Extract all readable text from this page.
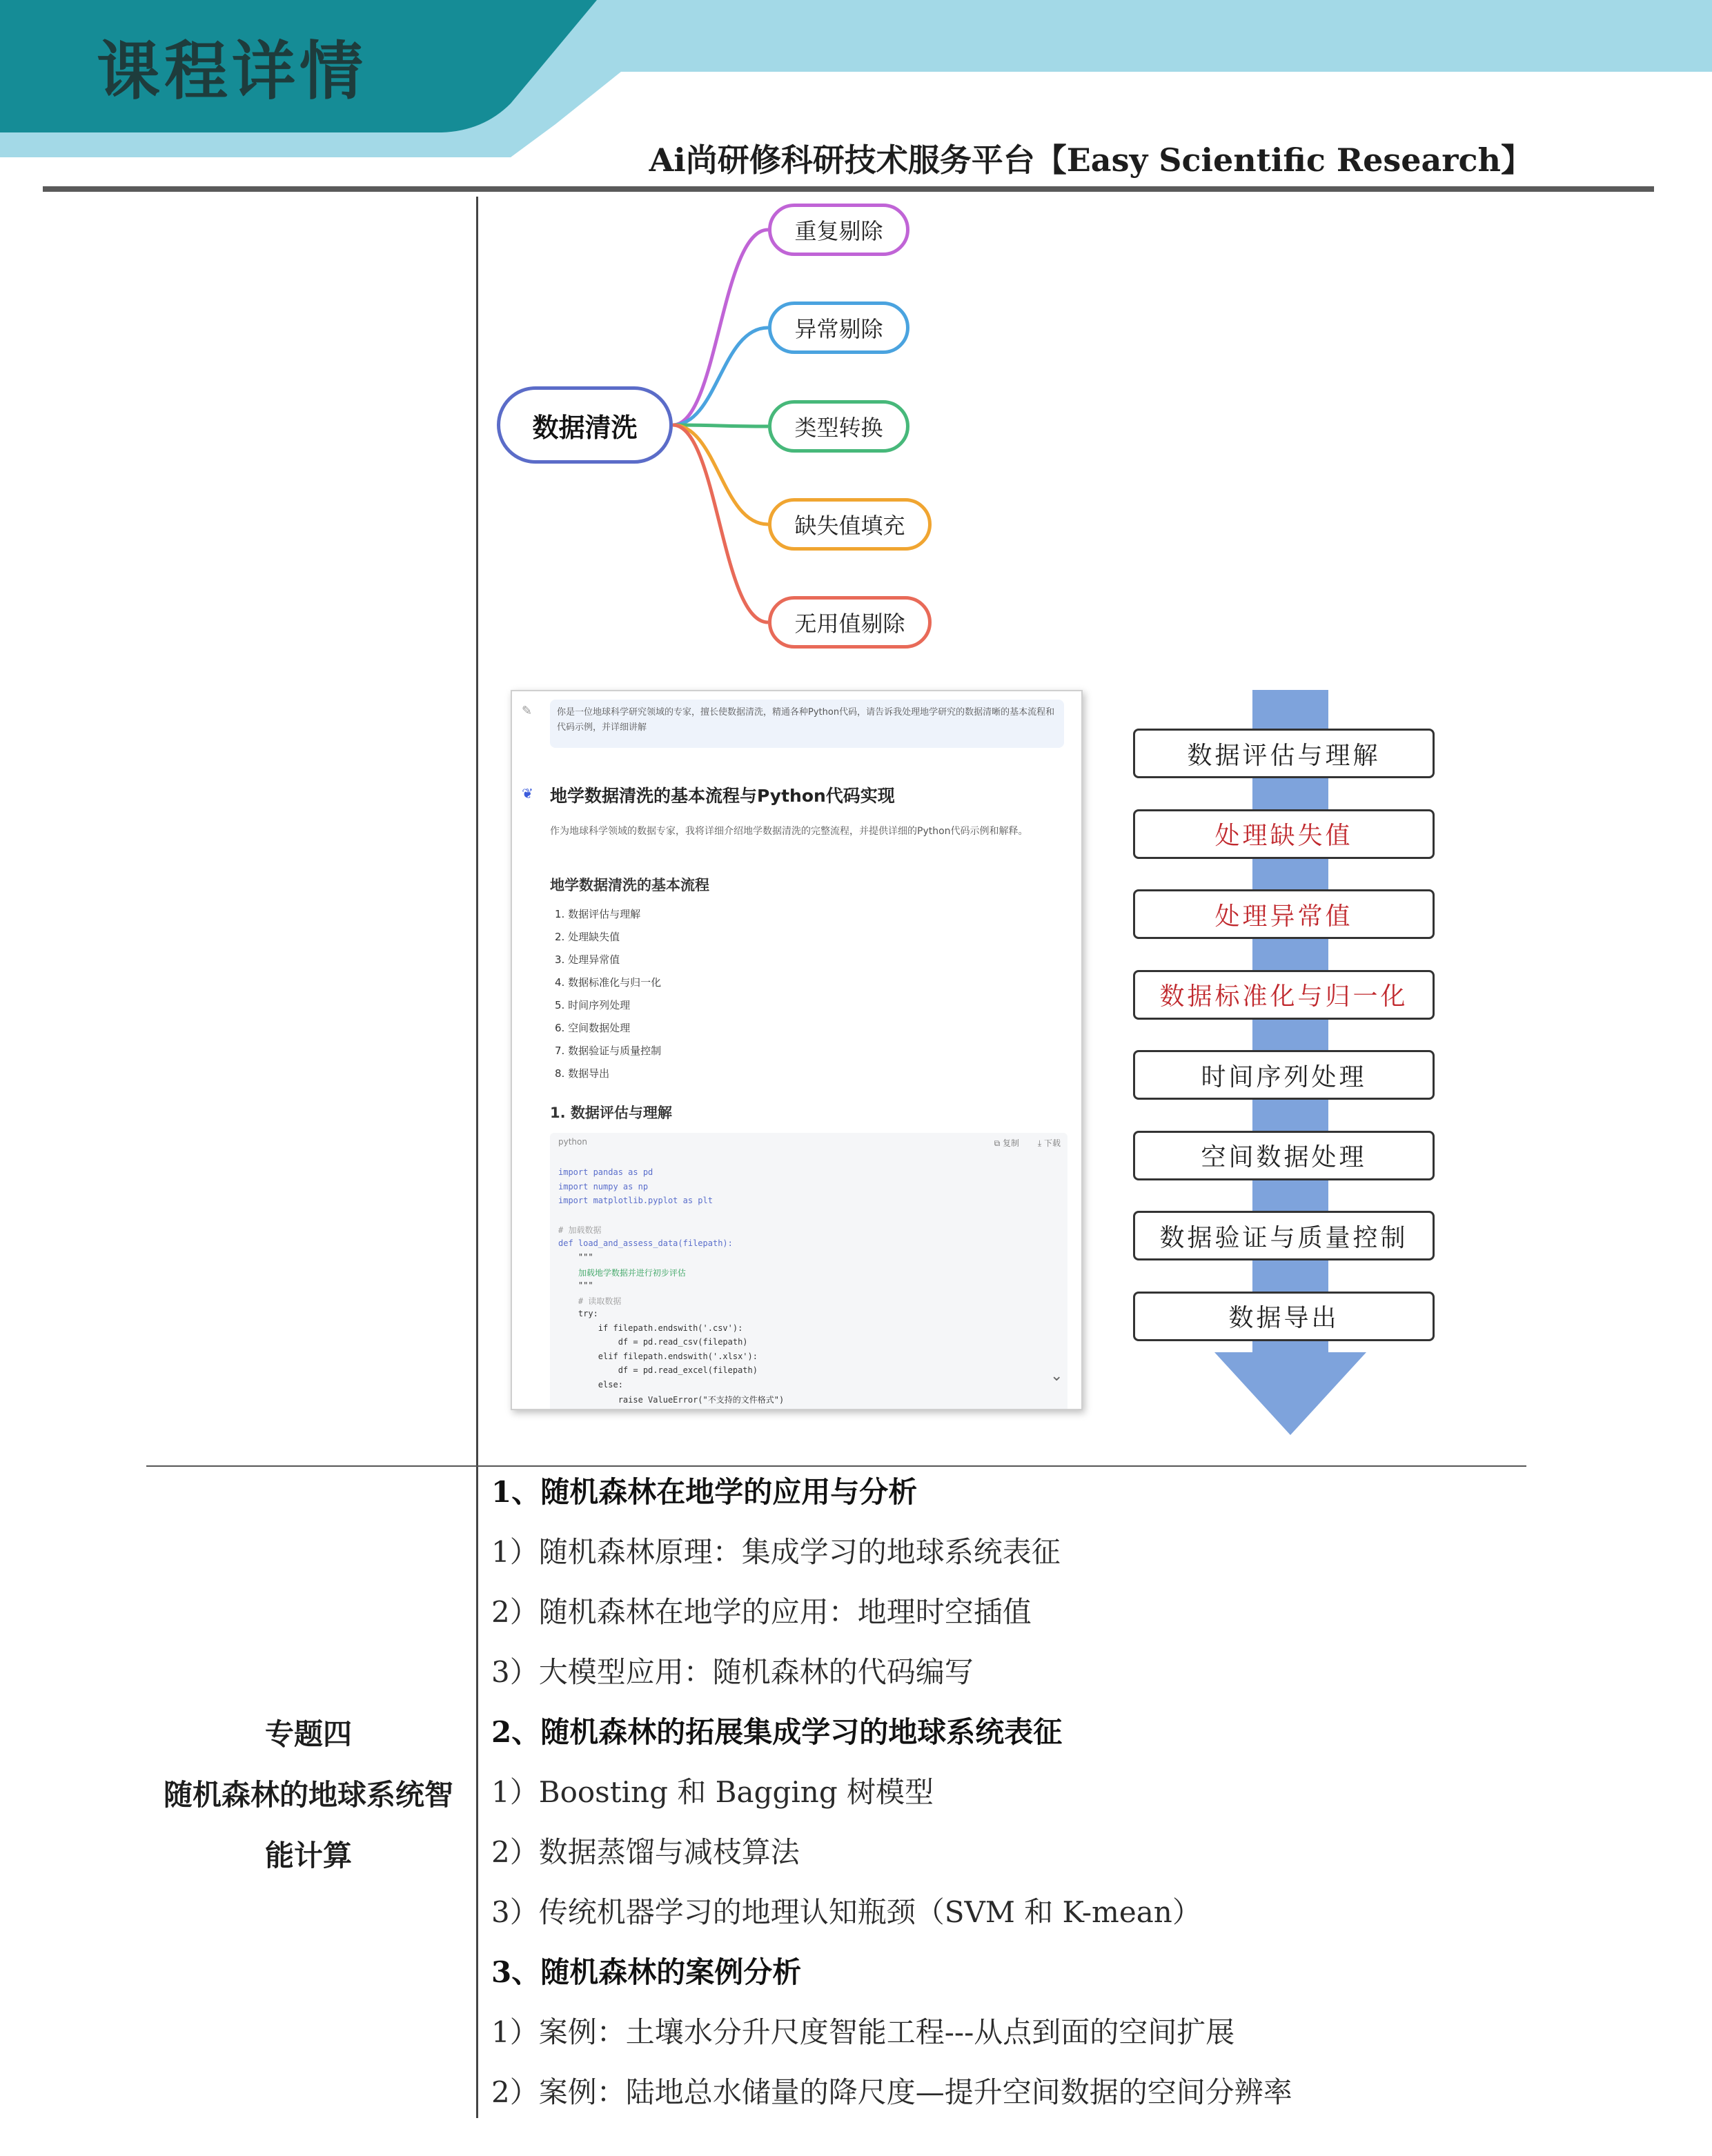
课程详情
Ai尚研修科研技术服务平台【Easy Scientific Research】
数据清洗
重复剔除
异常剔除
类型转换
缺失值填充
无用值剔除
✎	你是一位地球科学研究领域的专家，擅长使数据清洗，精通各种Python代码，请告诉我处理地学研究的数据清晰的基本流程和代码示例，并详细讲解
❦ 地学数据清洗的基本流程与Python代码实现
作为地球科学领域的数据专家，我将详细介绍地学数据清洗的完整流程，并提供详细的Python代码示例和解释。
地学数据清洗的基本流程
1. 数据评估与理解
2. 处理缺失值
3. 处理异常值
4. 数据标准化与归一化
5. 时间序列处理
6. 空间数据处理
7. 数据验证与质量控制
8. 数据导出
1. 数据评估与理解
python	⧉ 复制 ⤓ 下载
import pandas as pd
import numpy as np
import matplotlib.pyplot as plt
# 加载数据
def load_and_assess_data(filepath):
"""
加载地学数据并进行初步评估
"""
# 读取数据
try:
if filepath.endswith('.csv'):
df = pd.read_csv(filepath)
elif filepath.endswith('.xlsx'):
df = pd.read_excel(filepath)
else:
raise ValueError("不支持的文件格式")
⌄
数据评估与理解
处理缺失值
处理异常值
数据标准化与归一化
时间序列处理
空间数据处理
数据验证与质量控制
数据导出
专题四
随机森林的地球系统智
能计算
1、随机森林在地学的应用与分析
1）随机森林原理：集成学习的地球系统表征
2）随机森林在地学的应用：地理时空插值
3）大模型应用：随机森林的代码编写
2、随机森林的拓展集成学习的地球系统表征
1）Boosting 和 Bagging 树模型
2）数据蒸馏与减枝算法
3）传统机器学习的地理认知瓶颈（SVM 和 K-mean）
3、随机森林的案例分析
1）案例：土壤水分升尺度智能工程---从点到面的空间扩展
2）案例：陆地总水储量的降尺度—提升空间数据的空间分辨率
